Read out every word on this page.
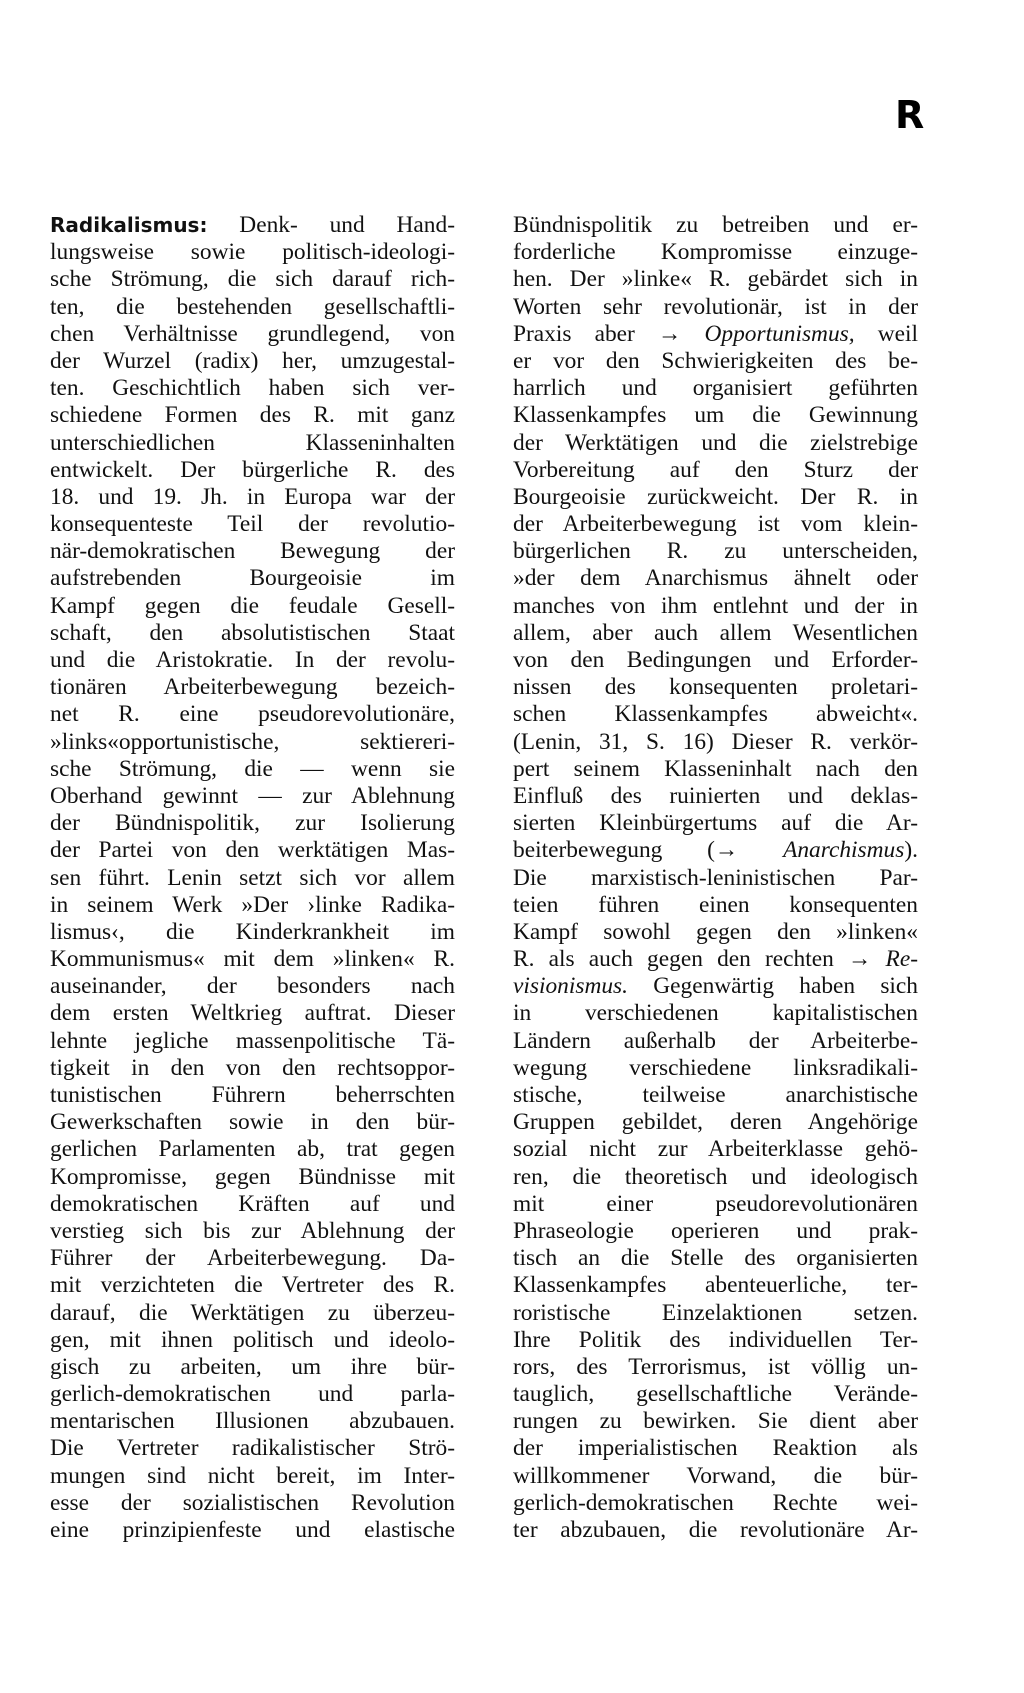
R
Radikalismus: Denk- und Hand-
lungsweise sowie politisch-ideologi-
sche Strömung, die sich darauf rich-
ten, die bestehenden gesellschaftli-
chen Verhältnisse grundlegend, von
der Wurzel (radix) her, umzugestal-
ten. Geschichtlich haben sich ver-
schiedene Formen des R. mit ganz
unterschiedlichen Klasseninhalten
entwickelt. Der bürgerliche R. des
18. und 19. Jh. in Europa war der
konsequenteste Teil der revolutio-
när-demokratischen Bewegung der
aufstrebenden Bourgeoisie im
Kampf gegen die feudale Gesell-
schaft, den absolutistischen Staat
und die Aristokratie. In der revolu-
tionären Arbeiterbewegung bezeich-
net R. eine pseudorevolutionäre,
»links«opportunistische, sektiereri-
sche Strömung, die — wenn sie
Oberhand gewinnt — zur Ablehnung
der Bündnispolitik, zur Isolierung
der Partei von den werktätigen Mas-
sen führt. Lenin setzt sich vor allem
in seinem Werk »Der ›linke Radika-
lismus‹, die Kinderkrankheit im
Kommunismus« mit dem »linken« R.
auseinander, der besonders nach
dem ersten Weltkrieg auftrat. Dieser
lehnte jegliche massenpolitische Tä-
tigkeit in den von den rechtsoppor-
tunistischen Führern beherrschten
Gewerkschaften sowie in den bür-
gerlichen Parlamenten ab, trat gegen
Kompromisse, gegen Bündnisse mit
demokratischen Kräften auf und
verstieg sich bis zur Ablehnung der
Führer der Arbeiterbewegung. Da-
mit verzichteten die Vertreter des R.
darauf, die Werktätigen zu überzeu-
gen, mit ihnen politisch und ideolo-
gisch zu arbeiten, um ihre bür-
gerlich-demokratischen und parla-
mentarischen Illusionen abzubauen.
Die Vertreter radikalistischer Strö-
mungen sind nicht bereit, im Inter-
esse der sozialistischen Revolution
eine prinzipienfeste und elastische
Bündnispolitik zu betreiben und er-
forderliche Kompromisse einzuge-
hen. Der »linke« R. gebärdet sich in
Worten sehr revolutionär, ist in der
Praxis aber → Opportunismus, weil
er vor den Schwierigkeiten des be-
harrlich und organisiert geführten
Klassenkampfes um die Gewinnung
der Werktätigen und die zielstrebige
Vorbereitung auf den Sturz der
Bourgeoisie zurückweicht. Der R. in
der Arbeiterbewegung ist vom klein-
bürgerlichen R. zu unterscheiden,
»der dem Anarchismus ähnelt oder
manches von ihm entlehnt und der in
allem, aber auch allem Wesentlichen
von den Bedingungen und Erforder-
nissen des konsequenten proletari-
schen Klassenkampfes abweicht«.
(Lenin, 31, S. 16) Dieser R. verkör-
pert seinem Klasseninhalt nach den
Einfluß des ruinierten und deklas-
sierten Kleinbürgertums auf die Ar-
beiterbewegung (→ Anarchismus).
Die marxistisch-leninistischen Par-
teien führen einen konsequenten
Kampf sowohl gegen den »linken«
R. als auch gegen den rechten → Re-
visionismus. Gegenwärtig haben sich
in verschiedenen kapitalistischen
Ländern außerhalb der Arbeiterbe-
wegung verschiedene linksradikali-
stische, teilweise anarchistische
Gruppen gebildet, deren Angehörige
sozial nicht zur Arbeiterklasse gehö-
ren, die theoretisch und ideologisch
mit einer pseudorevolutionären
Phraseologie operieren und prak-
tisch an die Stelle des organisierten
Klassenkampfes abenteuerliche, ter-
roristische Einzelaktionen setzen.
Ihre Politik des individuellen Ter-
rors, des Terrorismus, ist völlig un-
tauglich, gesellschaftliche Verände-
rungen zu bewirken. Sie dient aber
der imperialistischen Reaktion als
willkommener Vorwand, die bür-
gerlich-demokratischen Rechte wei-
ter abzubauen, die revolutionäre Ar-
